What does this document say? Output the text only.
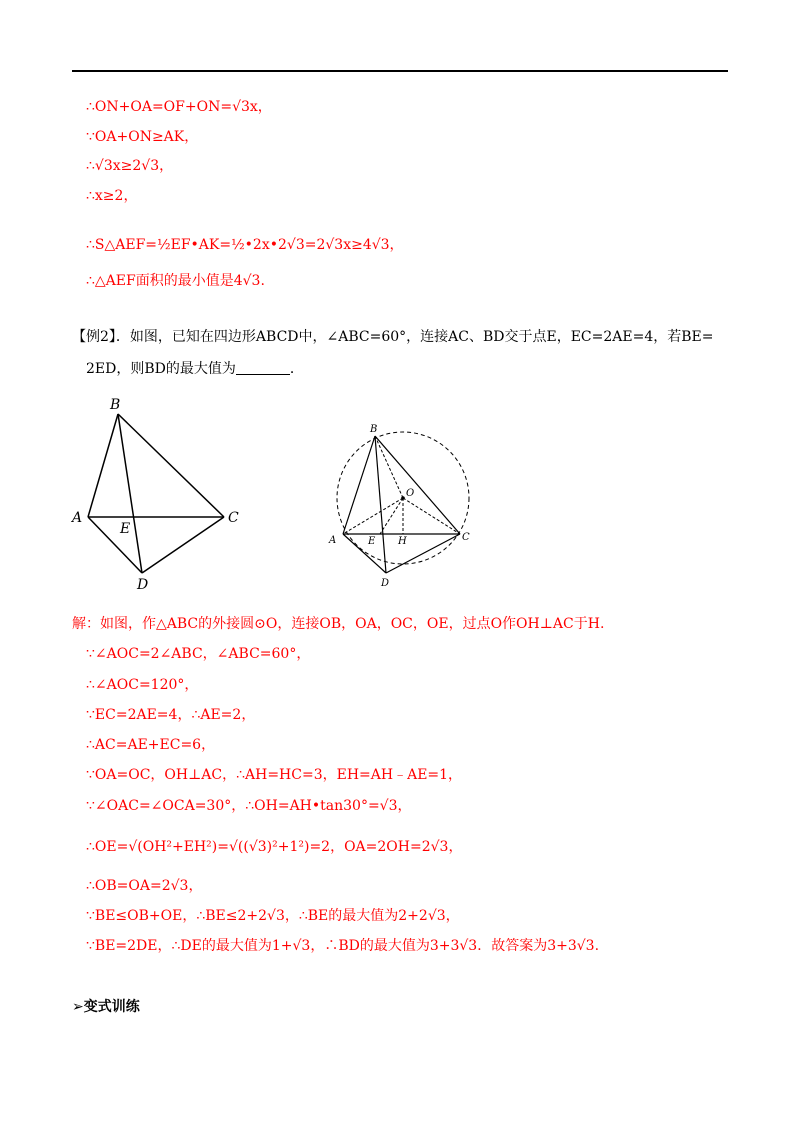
∴ON+OA=OF+ON=√3x，
∵OA+ON≥AK，
∴√3x≥2√3，
∴x≥2，
∴S△AEF=½EF•AK=½•2x•2√3=2√3x≥4√3，
∴△AEF面积的最小值是4√3.
【例2】．如图，已知在四边形ABCD中，∠ABC=60°，连接AC、BD交于点E，EC=2AE=4，若BE=
2ED，则BD的最大值为	．
B
A
E
C
D
B
O
A	E H	C
D
解：如图，作△ABC的外接圆⊙O，连接OB，OA，OC，OE，过点O作OH⊥AC于H.
∵∠AOC=2∠ABC，∠ABC=60°，
∴∠AOC=120°，
∵EC=2AE=4，∴AE=2，
∴AC=AE+EC=6，
∵OA=OC，OH⊥AC，∴AH=HC=3，EH=AH﹣AE=1，
∵∠OAC=∠OCA=30°，∴OH=AH•tan30°=√3，
∴OE=√(OH²+EH²)=√((√3)²+1²)=2，OA=2OH=2√3，
∴OB=OA=2√3，
∵BE≤OB+OE，∴BE≤2+2√3，∴BE的最大值为2+2√3，
∵BE=2DE，∴DE的最大值为1+√3，∴BD的最大值为3+3√3．故答案为3+3√3.
➢变式训练
